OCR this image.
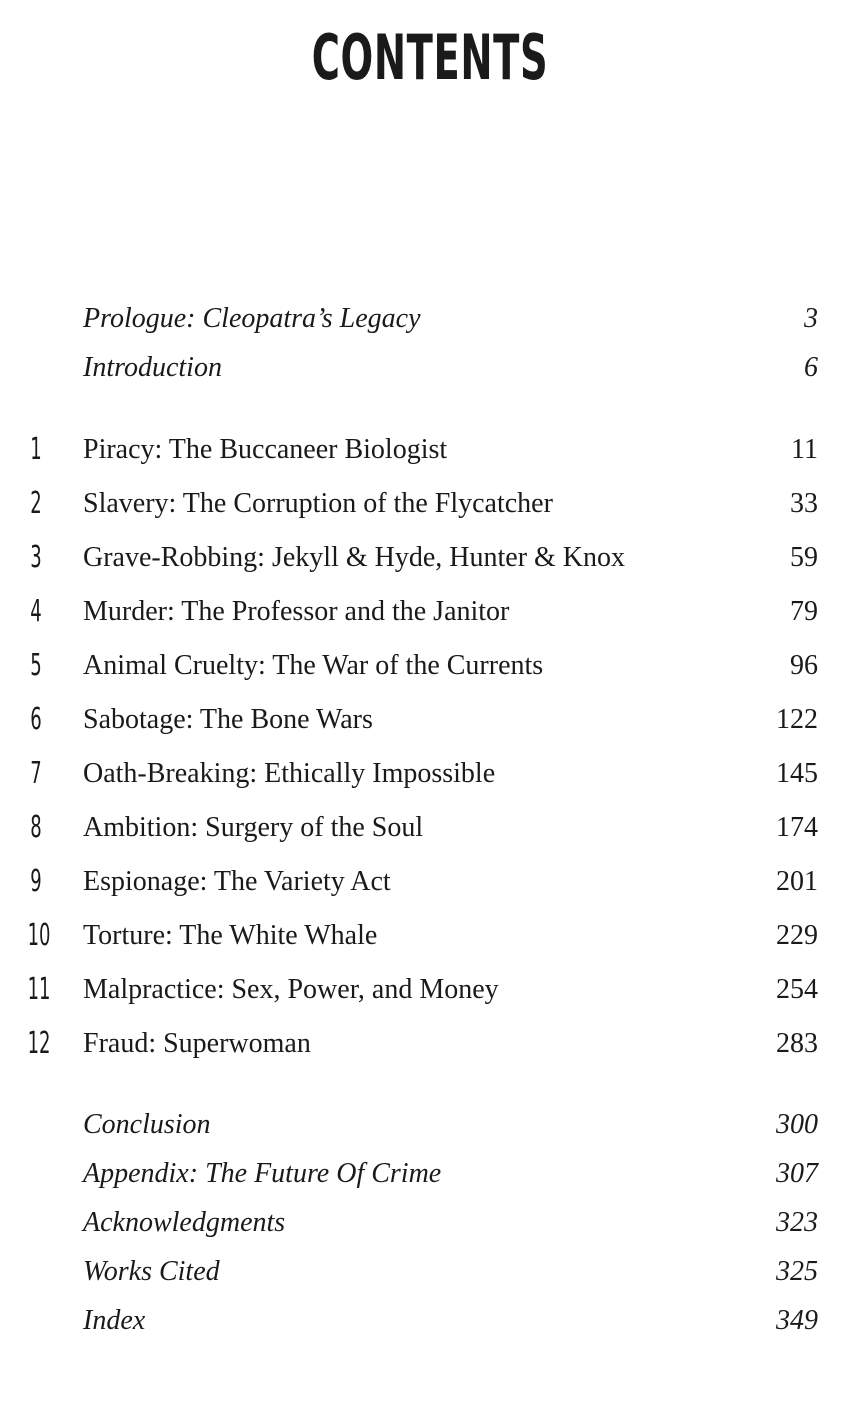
CONTENTS
Prologue: Cleopatra’s Legacy	3
Introduction	6
1 Piracy: The Buccaneer Biologist	11
2 Slavery: The Corruption of the Flycatcher	33
3 Grave-Robbing: Jekyll & Hyde, Hunter & Knox	59
4 Murder: The Professor and the Janitor	79
5 Animal Cruelty: The War of the Currents	96
6 Sabotage: The Bone Wars	122
7 Oath-Breaking: Ethically Impossible	145
8 Ambition: Surgery of the Soul	174
9 Espionage: The Variety Act	201
10 Torture: The White Whale	229
11 Malpractice: Sex, Power, and Money	254
12 Fraud: Superwoman	283
Conclusion	300
Appendix: The Future Of Crime	307
Acknowledgments	323
Works Cited	325
Index	349
